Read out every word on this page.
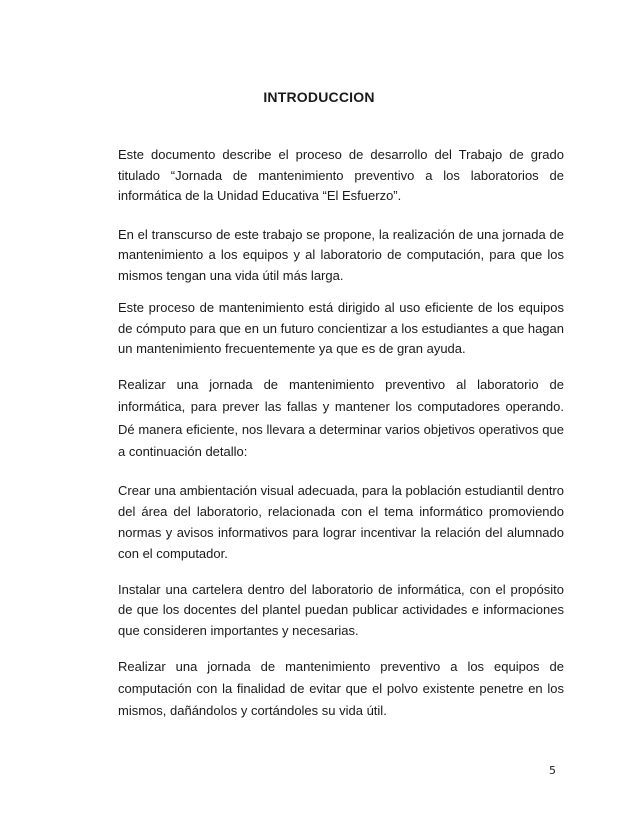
INTRODUCCION

Este documento describe el proceso de desarrollo del Trabajo de grado titulado “Jornada de mantenimiento preventivo a los laboratorios de informática de la Unidad Educativa “El Esfuerzo”.

En el transcurso de este trabajo se propone, la realización de una jornada de mantenimiento a los equipos y al laboratorio de computación, para que los mismos tengan una vida útil más larga.

Este proceso de mantenimiento está dirigido al uso eficiente de los equipos de cómputo para que en un futuro concientizar a los estudiantes a que hagan un mantenimiento frecuentemente ya que es de gran ayuda.

Realizar una jornada de mantenimiento preventivo al laboratorio de informática, para prever las fallas y mantener los computadores operando. Dé manera eficiente, nos llevara a determinar varios objetivos operativos que a continuación detallo:

Crear una ambientación visual adecuada, para la población estudiantil dentro del área del laboratorio, relacionada con el tema informático promoviendo normas y avisos informativos para lograr incentivar la relación del alumnado con el computador.

Instalar una cartelera dentro del laboratorio de informática, con el propósito de que los docentes del plantel puedan publicar actividades e informaciones que consideren importantes y necesarias.

Realizar una jornada de mantenimiento preventivo a los equipos de computación con la finalidad de evitar que el polvo existente penetre en los mismos, dañándolos y cortándoles su vida útil.

5
